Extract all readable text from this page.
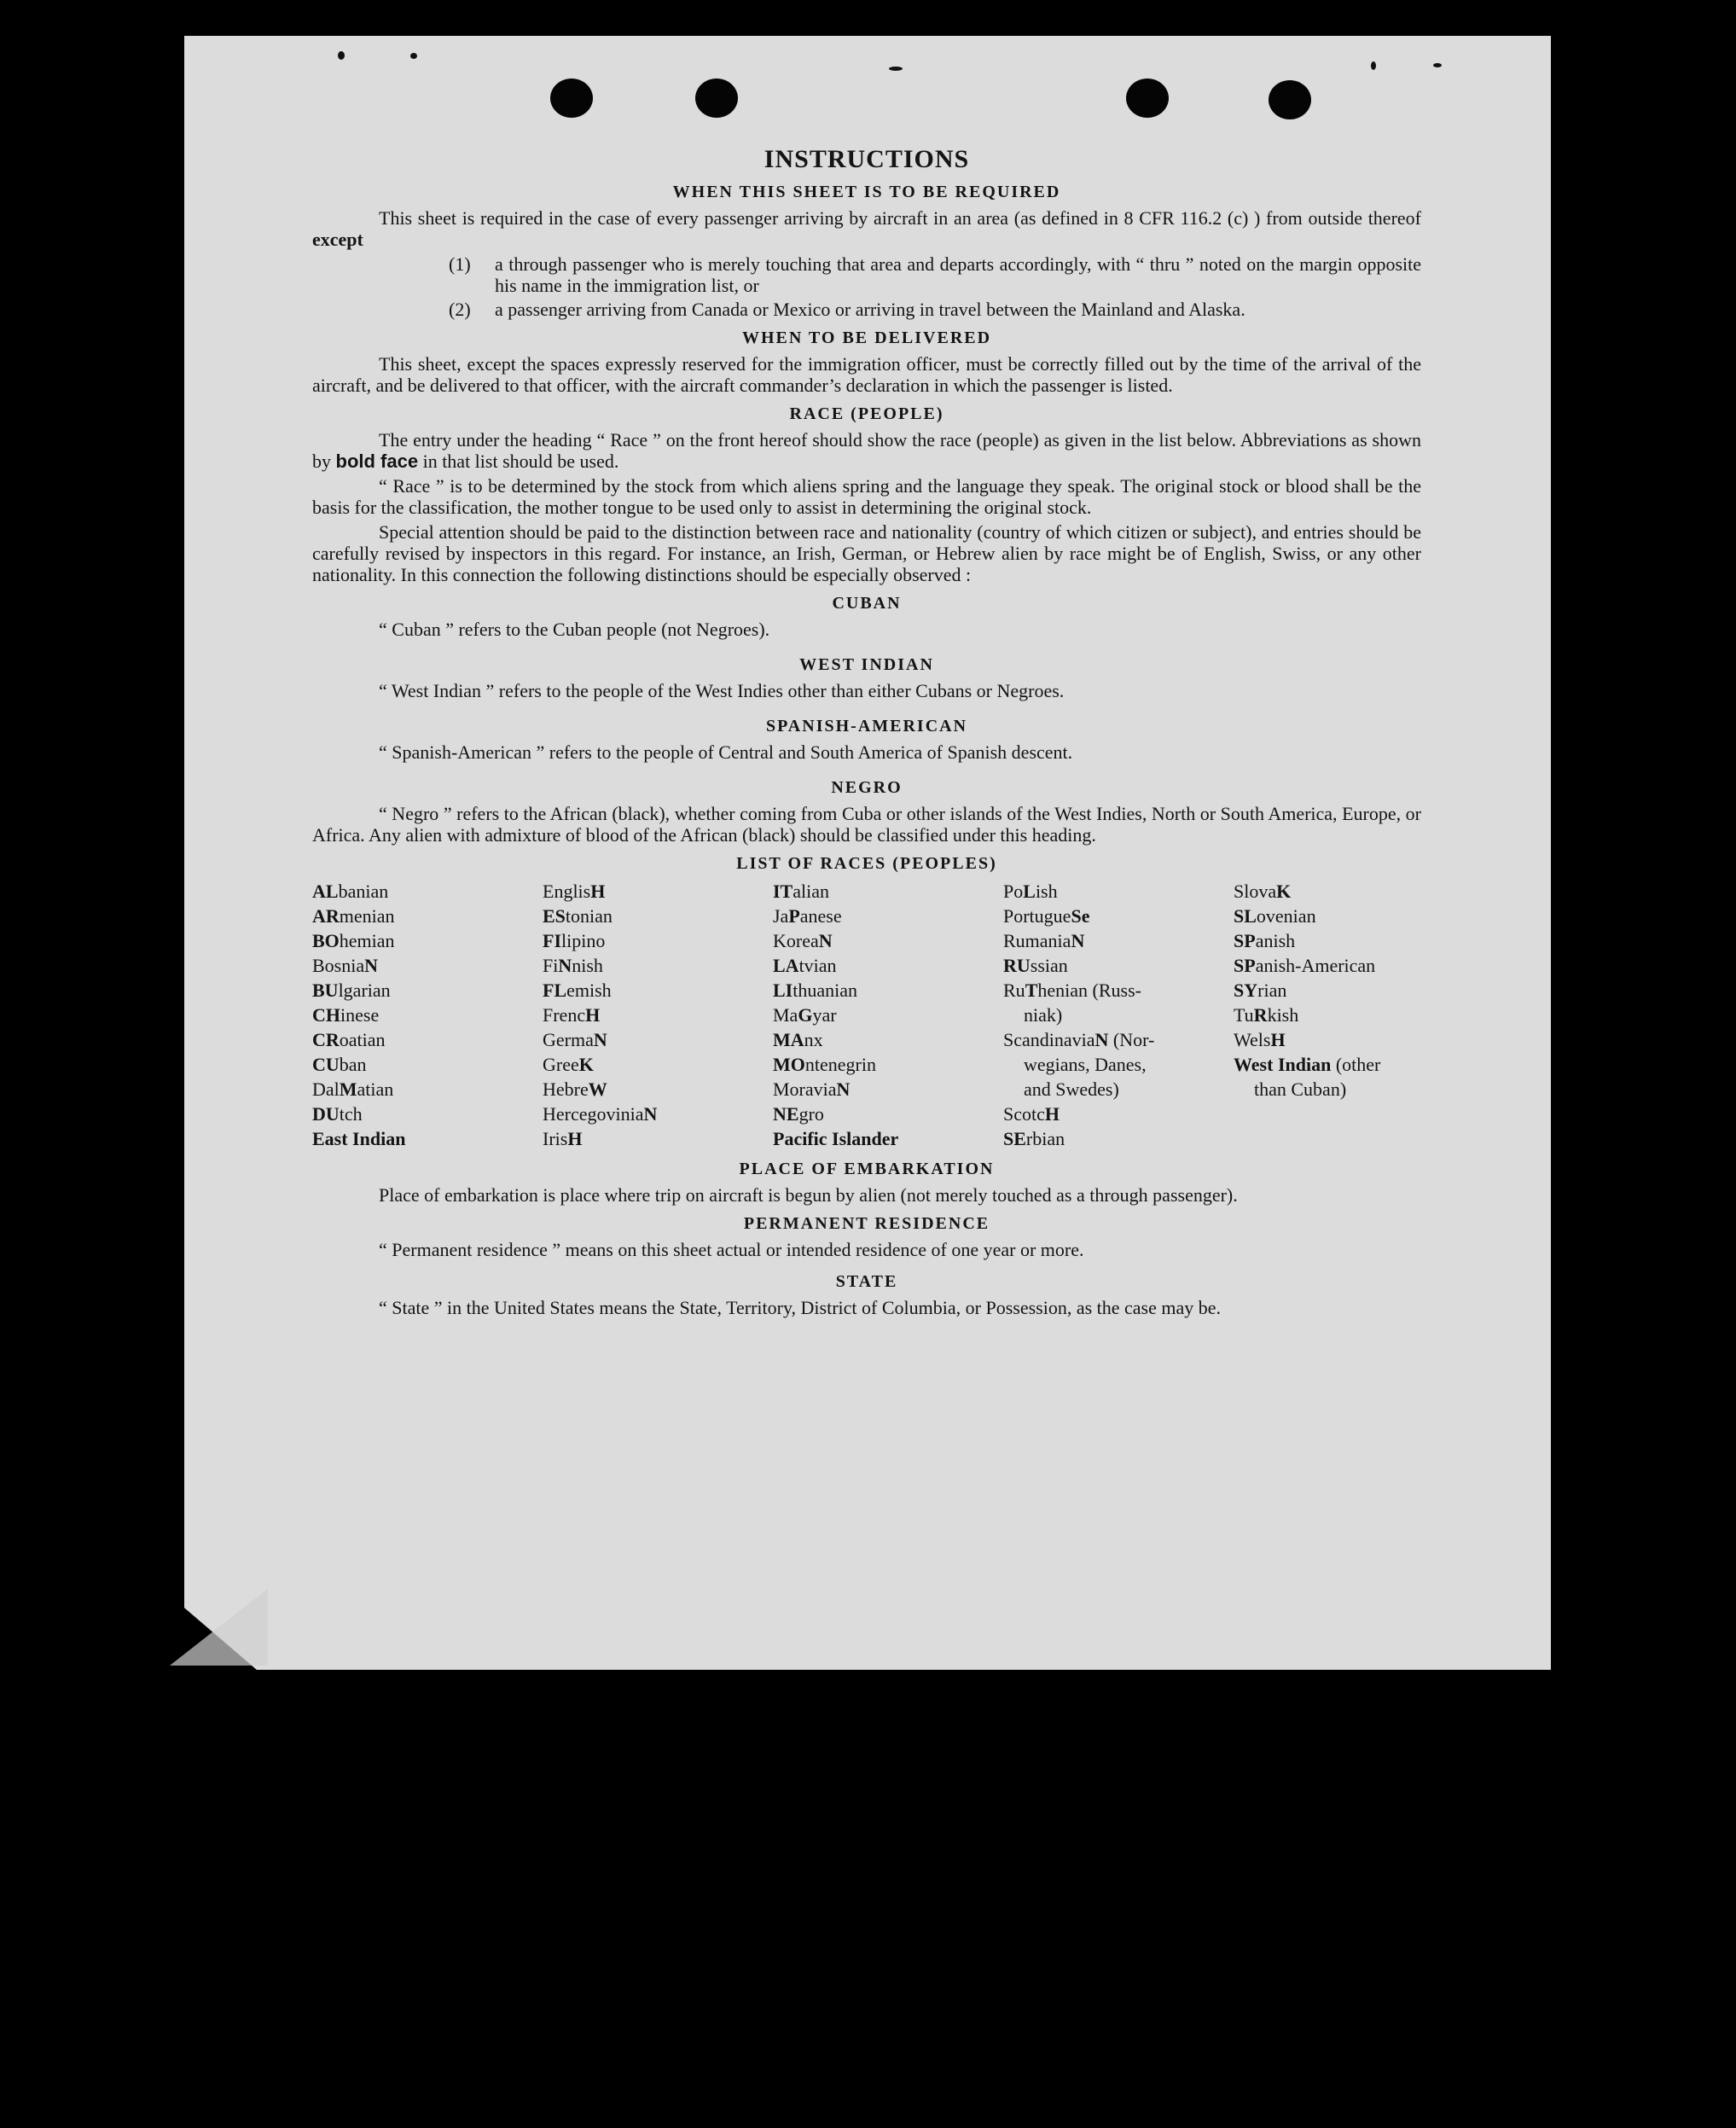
INSTRUCTIONS
WHEN THIS SHEET IS TO BE REQUIRED
This sheet is required in the case of every passenger arriving by aircraft in an area (as defined in 8 CFR 116.2 (c) ) from outside thereof except
(1)	a through passenger who is merely touching that area and departs accordingly, with “ thru ” noted on the margin opposite his name in the immigration list, or
(2)	a passenger arriving from Canada or Mexico or arriving in travel between the Mainland and Alaska.
WHEN TO BE DELIVERED
This sheet, except the spaces expressly reserved for the immigration officer, must be correctly filled out by the time of the arrival of the aircraft, and be delivered to that officer, with the aircraft commander’s declaration in which the passenger is listed.
RACE (PEOPLE)
The entry under the heading “ Race ” on the front hereof should show the race (people) as given in the list below. Abbreviations as shown by bold face in that list should be used.
“ Race ” is to be determined by the stock from which aliens spring and the language they speak. The original stock or blood shall be the basis for the classification, the mother tongue to be used only to assist in determining the original stock.
Special attention should be paid to the distinction between race and nationality (country of which citizen or subject), and entries should be carefully revised by inspectors in this regard. For instance, an Irish, German, or Hebrew alien by race might be of English, Swiss, or any other nationality. In this connection the following distinctions should be especially observed :
CUBAN
“ Cuban ” refers to the Cuban people (not Negroes).
WEST INDIAN
“ West Indian ” refers to the people of the West Indies other than either Cubans or Negroes.
SPANISH-AMERICAN
“ Spanish-American ” refers to the people of Central and South America of Spanish descent.
NEGRO
“ Negro ” refers to the African (black), whether coming from Cuba or other islands of the West Indies, North or South America, Europe, or Africa. Any alien with admixture of blood of the African (black) should be classified under this heading.
LIST OF RACES (PEOPLES)
ALbanian
ARmenian
BOhemian
BosniaN
BUlgarian
CHinese
CRoatian
CUban
DalMatian
DUtch
East Indian
EnglisH
EStonian
FIlipino
FiNnish
FLemish
FrencH
GermaN
GreeK
HebreW
HercegoviniaN
IrisH
ITalian
JaPanese
KoreaN
LAtvian
LIthuanian
MaGyar
MAnx
MOntenegrin
MoraviaN
NEgro
Pacific Islander
PoLish
PortugueSe
RumaniaN
RUssian
RuThenian (Russ-
niak)
ScandinaviaN (Nor-
wegians, Danes,
and Swedes)
ScotcH
SErbian
SlovaK
SLovenian
SPanish
SPanish-American
SYrian
TuRkish
WelsH
West Indian (other
than Cuban)
PLACE OF EMBARKATION
Place of embarkation is place where trip on aircraft is begun by alien (not merely touched as a through passenger).
PERMANENT RESIDENCE
“ Permanent residence ” means on this sheet actual or intended residence of one year or more.
STATE
“ State ” in the United States means the State, Territory, District of Columbia, or Possession, as the case may be.
